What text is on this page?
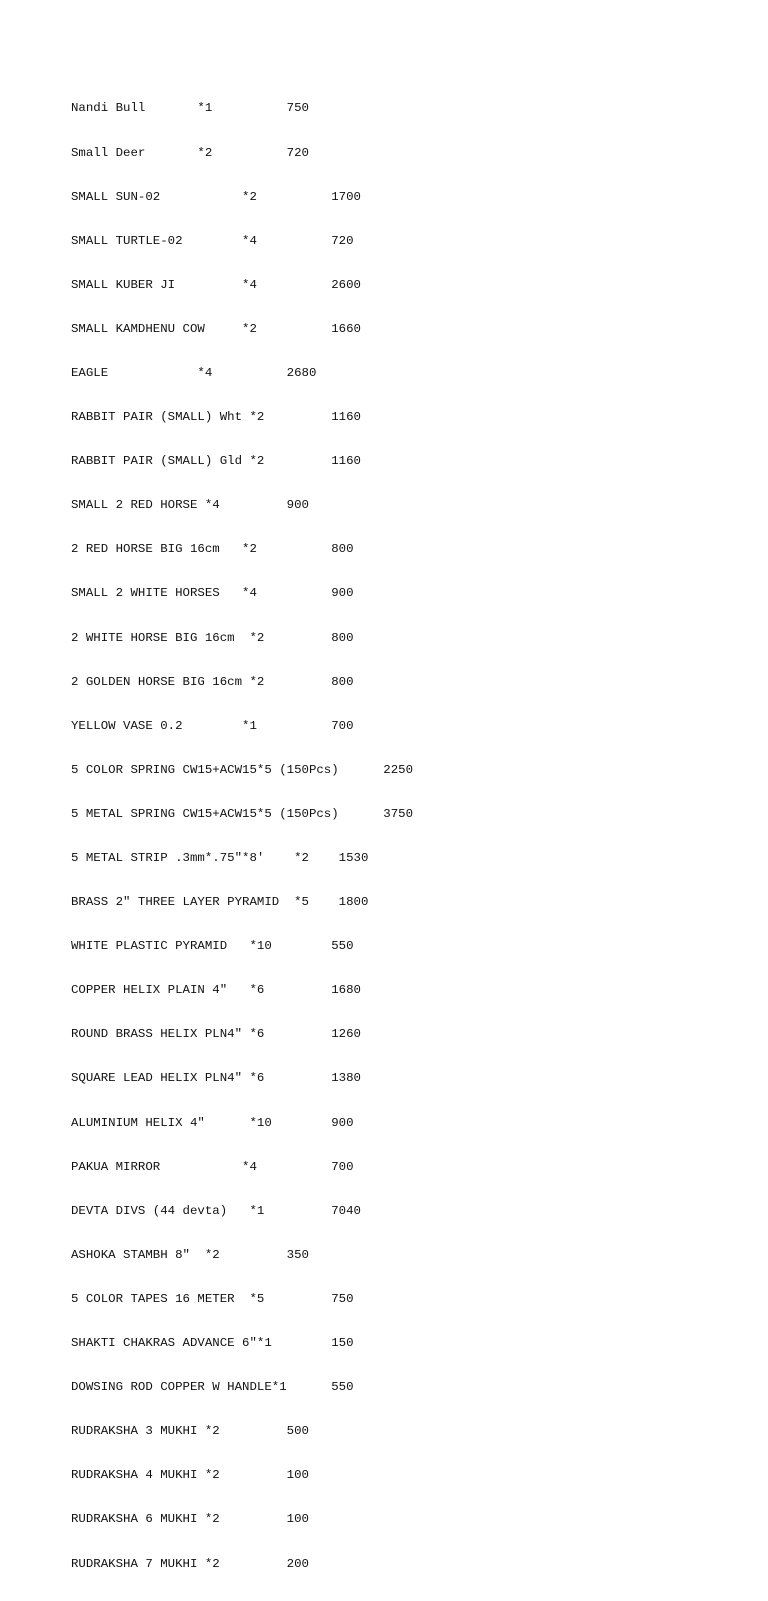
Nandi Bull       *1          750

Small Deer       *2          720

SMALL SUN-02           *2          1700

SMALL TURTLE-02        *4          720

SMALL KUBER JI         *4          2600

SMALL KAMDHENU COW     *2          1660

EAGLE            *4          2680

RABBIT PAIR (SMALL) Wht *2         1160

RABBIT PAIR (SMALL) Gld *2         1160

SMALL 2 RED HORSE *4         900

2 RED HORSE BIG 16cm   *2          800

SMALL 2 WHITE HORSES   *4          900

2 WHITE HORSE BIG 16cm  *2         800

2 GOLDEN HORSE BIG 16cm *2         800

YELLOW VASE 0.2        *1          700

5 COLOR SPRING CW15+ACW15*5 (150Pcs)      2250

5 METAL SPRING CW15+ACW15*5 (150Pcs)      3750

5 METAL STRIP .3mm*.75"*8'    *2    1530

BRASS 2" THREE LAYER PYRAMID  *5    1800

WHITE PLASTIC PYRAMID   *10        550

COPPER HELIX PLAIN 4"   *6         1680

ROUND BRASS HELIX PLN4" *6         1260

SQUARE LEAD HELIX PLN4" *6         1380

ALUMINIUM HELIX 4"      *10        900

PAKUA MIRROR           *4          700

DEVTA DIVS (44 devta)   *1         7040

ASHOKA STAMBH 8"  *2         350

5 COLOR TAPES 16 METER  *5         750

SHAKTI CHAKRAS ADVANCE 6"*1        150

DOWSING ROD COPPER W HANDLE*1      550

RUDRAKSHA 3 MUKHI *2         500

RUDRAKSHA 4 MUKHI *2         100

RUDRAKSHA 6 MUKHI *2         100

RUDRAKSHA 7 MUKHI *2         200
